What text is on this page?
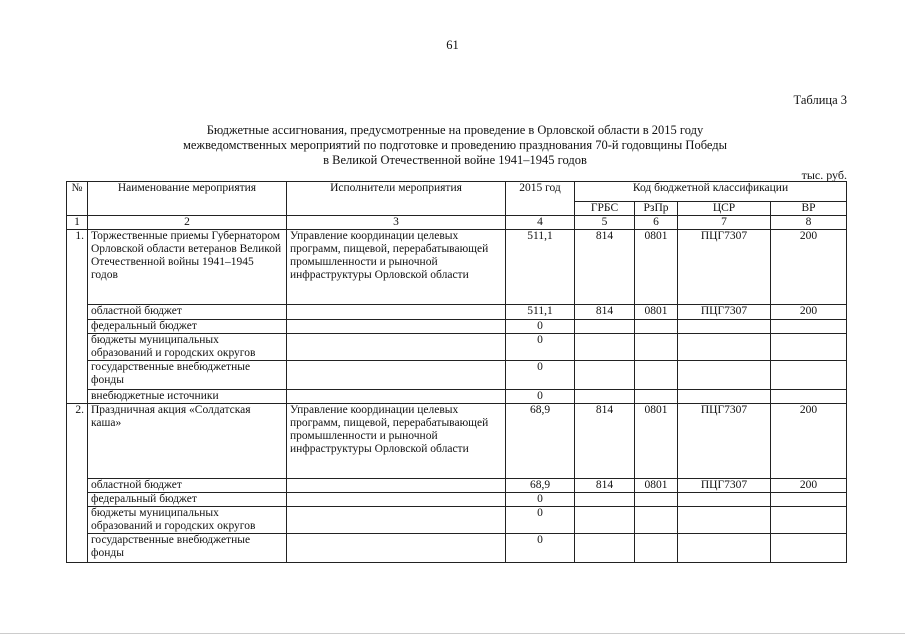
61
Таблица 3
Бюджетные ассигнования, предусмотренные на проведение в Орловской области в 2015 году
межведомственных мероприятий по подготовке и проведению празднования 70-й годовщины Победы
в Великой Отечественной войне 1941–1945 годов
тыс. руб.
№	Наименование мероприятия	Исполнители мероприятия	2015 год	Код бюджетной классификации			
				ГРБС	РзПр	ЦСР	ВР
1	2	3	4	5	6	7	8
1.	Торжественные приемы Губернатором Орловской области ветеранов Великой Отечественной войны 1941–1945 годов	Управление координации целевых программ, пищевой, перерабатывающей промышленности и рыночной инфраструктуры Орловской области	511,1	814	0801	ПЦГ7307	200
	областной бюджет		511,1	814	0801	ПЦГ7307	200
	федеральный бюджет		0				
	бюджеты муниципальных образований и городских округов		0				
	государственные внебюджетные фонды		0				
	внебюджетные источники		0				
2.	Праздничная акция «Солдатская каша»	Управление координации целевых программ, пищевой, перерабатывающей промышленности и рыночной инфраструктуры Орловской области	68,9	814	0801	ПЦГ7307	200
	областной бюджет		68,9	814	0801	ПЦГ7307	200
	федеральный бюджет		0				
	бюджеты муниципальных образований и городских округов		0				
	государственные внебюджетные фонды		0				
